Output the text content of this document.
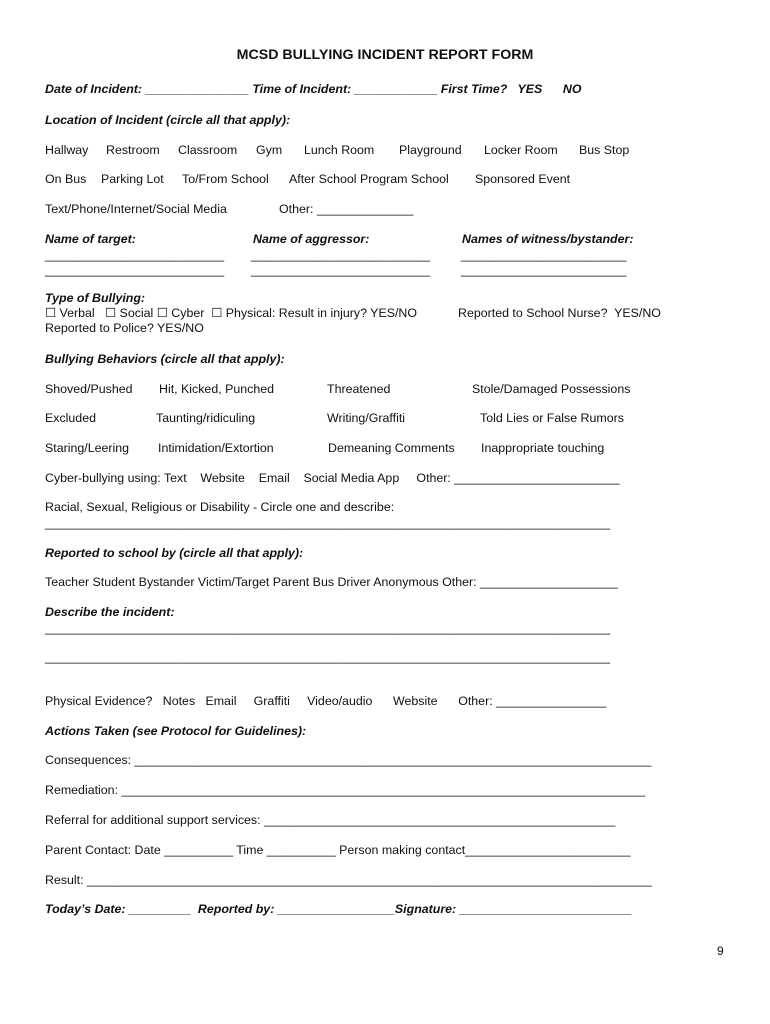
MCSD BULLYING INCIDENT REPORT FORM
Date of Incident: _______________ Time of Incident: ____________ First Time?   YES      NO
Location of Incident (circle all that apply):
Hallway Restroom Classroom Gym Lunch Room Playground Locker Room Bus Stop
On Bus Parking Lot To/From School After School Program School Sponsored Event
Text/Phone/Internet/Social Media	Other: ______________
Name of target:	Name of aggressor:	Names of witness/bystander:
__________________________ __________________________ ________________________
__________________________ __________________________ ________________________
Type of Bullying:
☐ Verbal   ☐ Social ☐ Cyber  ☐ Physical: Result in injury? YES/NO	Reported to School Nurse?  YES/NO
Reported to Police? YES/NO
Bullying Behaviors (circle all that apply):
Shoved/Pushed Hit, Kicked, Punched	Threatened	Stole/Damaged Possessions
Excluded	Taunting/ridiculing	Writing/Graffiti	Told Lies or False Rumors
Staring/Leering Intimidation/Extortion	Demeaning Comments Inappropriate touching
Cyber-bullying using: Text    Website    Email    Social Media App     Other: ________________________
Racial, Sexual, Religious or Disability - Circle one and describe:
__________________________________________________________________________________
Reported to school by (circle all that apply):
Teacher Student Bystander Victim/Target Parent Bus Driver Anonymous Other: ____________________
Describe the incident:
__________________________________________________________________________________
__________________________________________________________________________________
Physical Evidence?   Notes   Email     Graffiti     Video/audio      Website      Other: ________________
Actions Taken (see Protocol for Guidelines):
Consequences: ___________________________________________________________________________
Remediation: ____________________________________________________________________________
Referral for additional support services: ___________________________________________________
Parent Contact: Date __________ Time __________ Person making contact________________________
Result: __________________________________________________________________________________
Today’s Date: _________  Reported by: _________________Signature: _________________________
9
